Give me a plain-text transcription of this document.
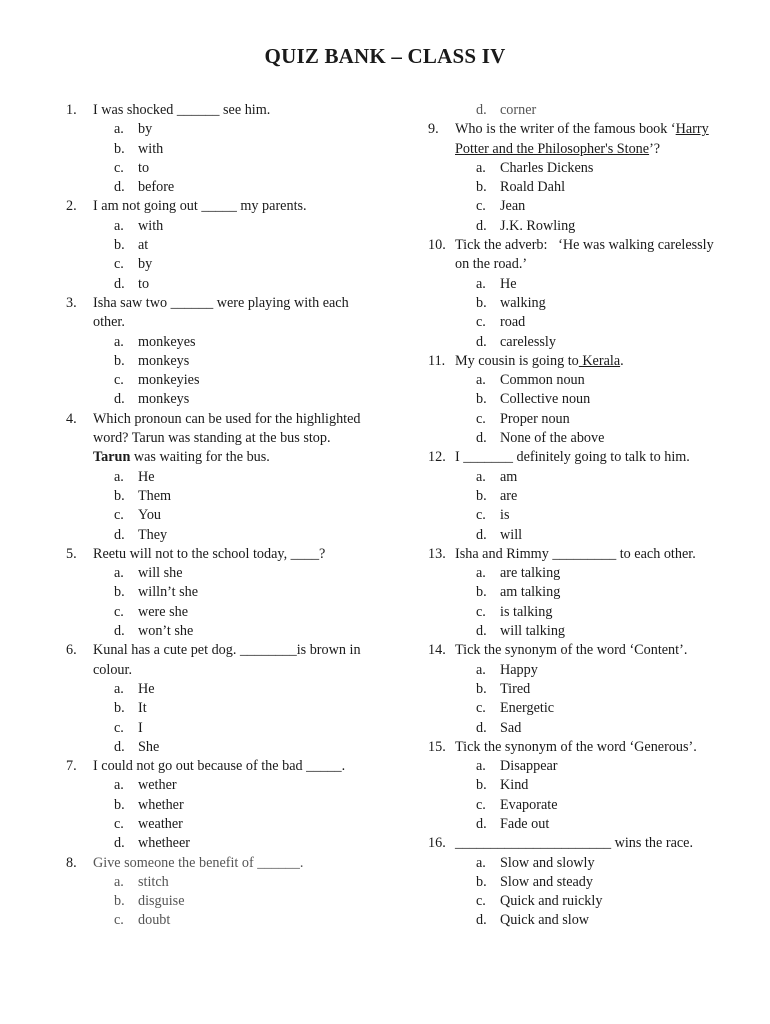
QUIZ BANK – CLASS IV
1.	I was shocked ______ see him.
a. by
b. with
c. to
d. before
2.	I am not going out _____ my parents.
a. with
b. at
c. by
d. to
3.	Isha saw two ______ were playing with each other.
a. monkeyes
b. monkeys
c. monkeyies
d. monkeys
4.	Which pronoun can be used for the highlighted word? Tarun was standing at the bus stop. Tarun was waiting for the bus.
a. He
b. Them
c. You
d. They
5.	Reetu will not to the school today, ____?
a. will she
b. willn’t she
c. were she
d. won’t she
6.	Kunal has a cute pet dog. ________is brown in colour.
a. He
b. It
c. I
d. She
7.	I could not go out because of the bad _____.
a. wether
b. whether
c. weather
d. whetheer
8.	Give someone the benefit of ______.
a. stitch
b. disguise
c. doubt
d. corner
9.	Who is the writer of the famous book ‘Harry Potter and the Philosopher's Stone’?
a. Charles Dickens
b. Roald Dahl
c. Jean
d. J.K. Rowling
10. Tick the adverb:   ‘He was walking carelessly on the road.’
a. He
b. walking
c. road
d. carelessly
11. My cousin is going to Kerala.
a. Common noun
b. Collective noun
c. Proper noun
d. None of the above
12. I _______ definitely going to talk to him.
a. am
b. are
c. is
d. will
13. Isha and Rimmy _________ to each other.
a. are talking
b. am talking
c. is talking
d. will talking
14. Tick the synonym of the word ‘Content’.
a. Happy
b. Tired
c. Energetic
d. Sad
15. Tick the synonym of the word ‘Generous’.
a. Disappear
b. Kind
c. Evaporate
d. Fade out
16. ______________________ wins the race.
a. Slow and slowly
b. Slow and steady
c. Quick and ruickly
d. Quick and slow
